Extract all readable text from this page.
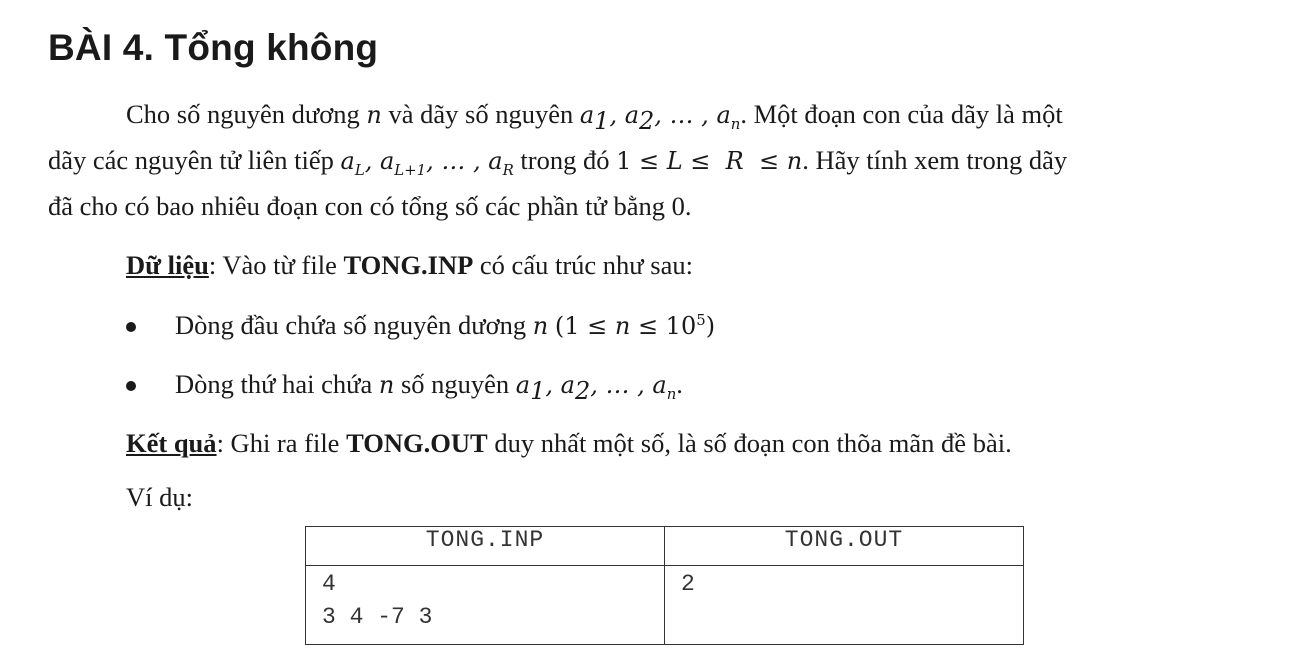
BÀI 4. Tổng không
Cho số nguyên dương n và dãy số nguyên $a_1$, $a_2$, … , $a_n$. Một đoạn con của dãy là một
dãy các nguyên tử liên tiếp $a_L$, $a_{L+1}$, … , $a_R$ trong đó 1 ≤ L ≤  R  ≤ n. Hãy tính xem trong dãy
đã cho có bao nhiêu đoạn con có tổng số các phần tử bằng 0.

Dữ liệu: Vào từ file TONG.INP có cấu trúc như sau:

Dòng đầu chứa số nguyên dương n $(1 \le n \le 10^5)$
Dòng thứ hai chứa n số nguyên $a_1$, $a_2$, … , $a_n$.

Kết quả: Ghi ra file TONG.OUT duy nhất một số, là số đoạn con thõa mãn đề bài.

Ví dụ:

TONG.INP	TONG.OUT

4
3 4 -7 3	2
